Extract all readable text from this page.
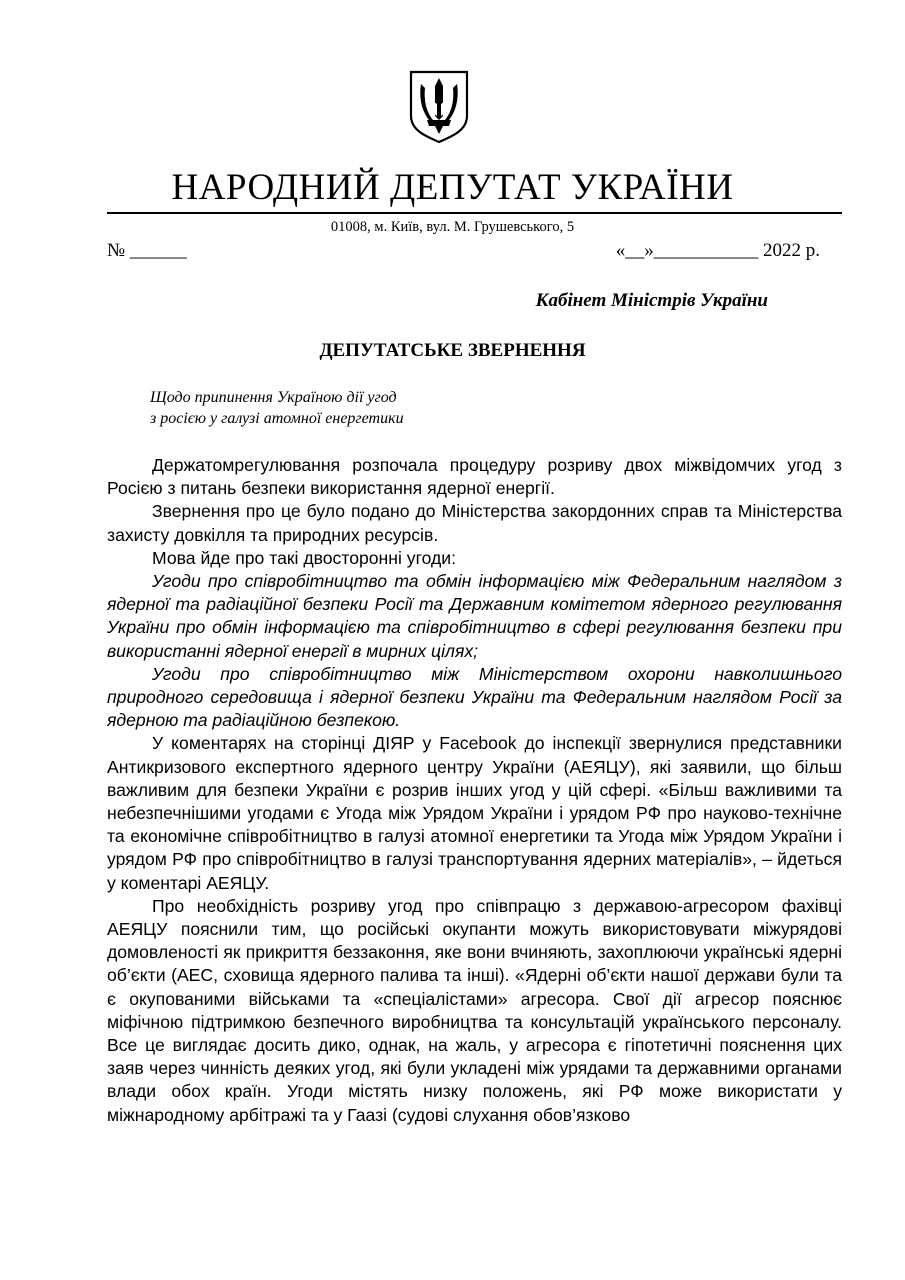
НАРОДНИЙ ДЕПУТАТ УКРАЇНИ
01008, м. Київ, вул. М. Грушевського, 5
№ ______	«__»___________ 2022 р.
Кабінет Міністрів України
ДЕПУТАТСЬКЕ ЗВЕРНЕННЯ
Щодо припинення Україною дії угод
з росією у галузі атомної енергетики

Держатомрегулювання розпочала процедуру розриву двох міжвідомчих угод з Росією з питань безпеки використання ядерної енергії.

Звернення про це було подано до Міністерства закордонних справ та Міністерства захисту довкілля та природних ресурсів.

Мова йде про такі двосторонні угоди:

Угоди про співробітництво та обмін інформацією між Федеральним наглядом з ядерної та радіаційної безпеки Росії та Державним комітетом ядерного регулювання України про обмін інформацією та співробітництво в сфері регулювання безпеки при використанні ядерної енергії в мирних цілях;

Угоди про співробітництво між Міністерством охорони навколишнього природного середовища і ядерної безпеки України та Федеральним наглядом Росії за ядерною та радіаційною безпекою.

У коментарях на сторінці ДІЯР у Facebook до інспекції звернулися представники Антикризового експертного ядерного центру України (АЕЯЦУ), які заявили, що більш важливим для безпеки України є розрив інших угод у цій сфері. «Більш важливими та небезпечнішими угодами є Угода між Урядом України і урядом РФ про науково-технічне та економічне співробітництво в галузі атомної енергетики та Угода між Урядом України і урядом РФ про співробітництво в галузі транспортування ядерних матеріалів», – йдеться у коментарі АЕЯЦУ.

Про необхідність розриву угод про співпрацю з державою-агресором фахівці АЕЯЦУ пояснили тим, що російські окупанти можуть використовувати міжурядові домовленості як прикриття беззаконня, яке вони вчиняють, захоплюючи українські ядерні об’єкти (АЕС, сховища ядерного палива та інші). «Ядерні об’єкти нашої держави були та є окупованими військами та «спеціалістами» агресора. Свої дії агресор пояснює міфічною підтримкою безпечного виробництва та консультацій українського персоналу. Все це виглядає досить дико, однак, на жаль, у агресора є гіпотетичні пояснення цих заяв через чинність деяких угод, які були укладені між урядами та державними органами влади обох країн. Угоди містять низку положень, які РФ може використати у міжнародному арбітражі та у Гаазі (судові слухання обов’язково
